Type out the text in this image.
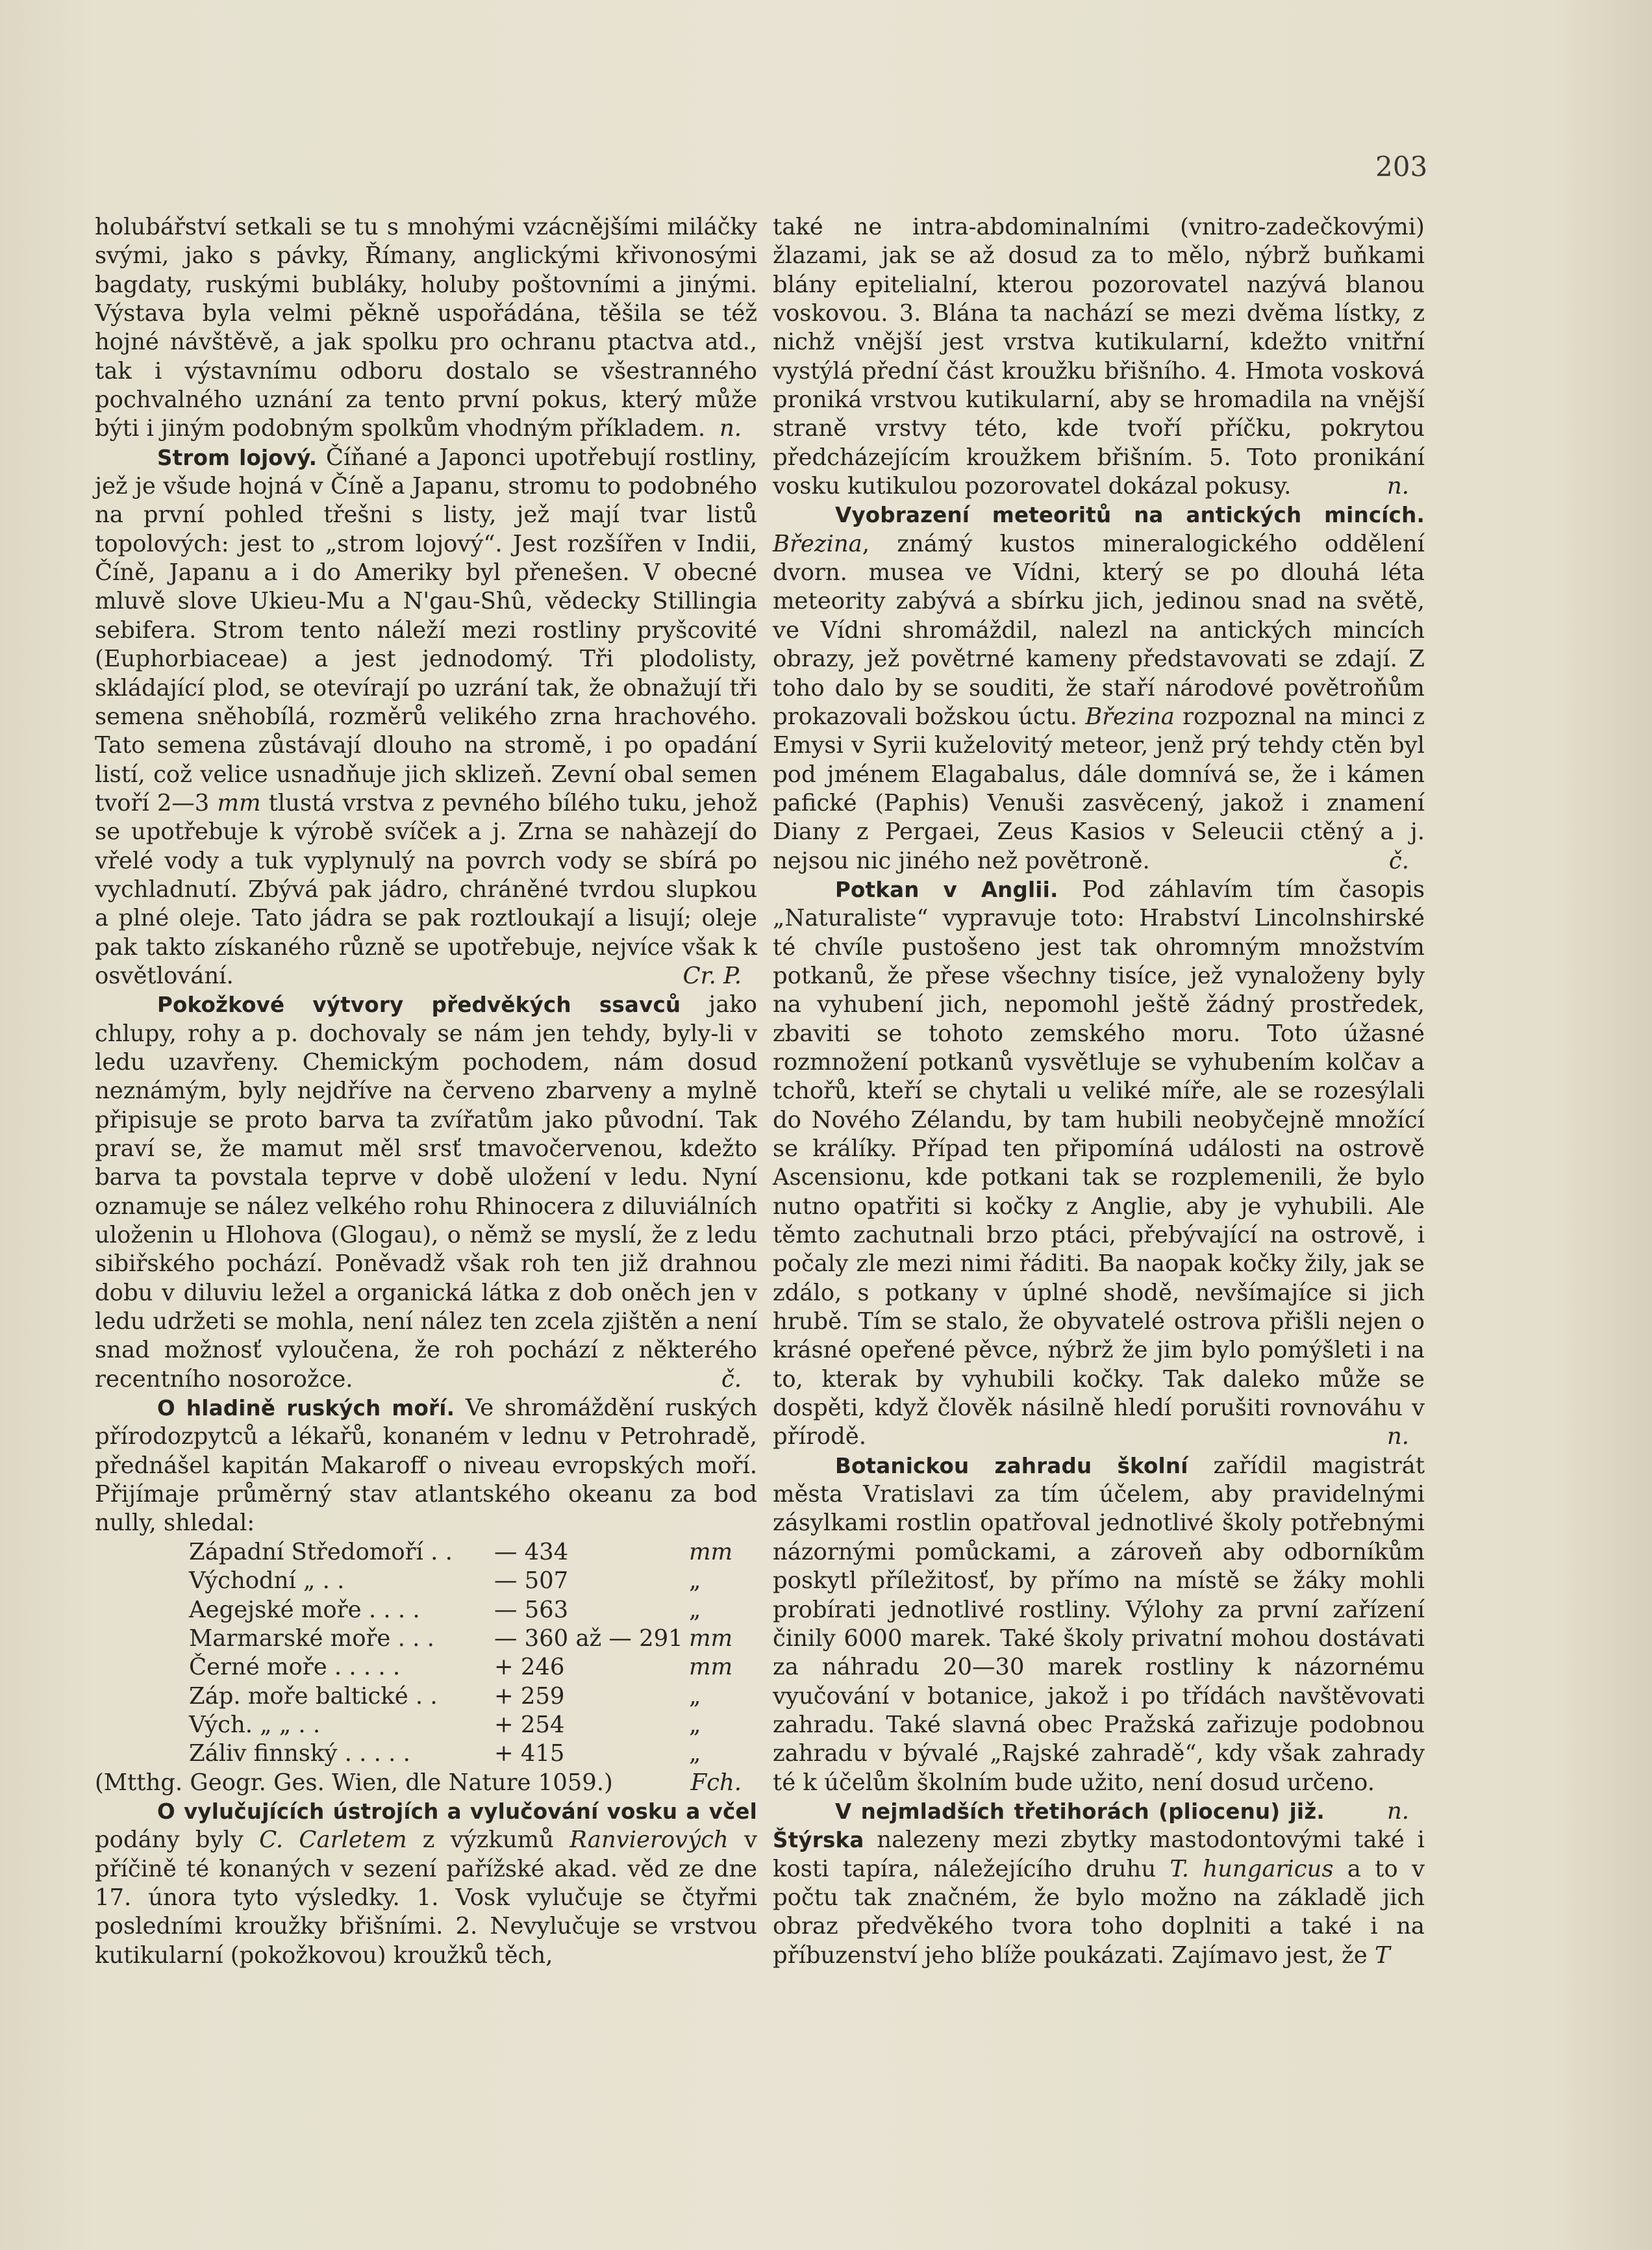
203

holubářství setkali se tu s mnohými vzácnějšími miláčky svými, jako s pávky, Římany, anglickými křivonosými bagdaty, ruskými bubláky, holuby poštovními a jinými. Výstava byla velmi pěkně uspořádána, těšila se též hojné návštěvě, a jak spolku pro ochranu ptactva atd., tak i výstavnímu odboru dostalo se všestranného pochvalného uznání za tento první pokus, který může býti i jiným podobným spolkům vhodným příkladem. n.

Strom lojový. Číňané a Japonci upotřebují rostliny, jež je všude hojná v Číně a Japanu, stromu to podobného na první pohled třešni s listy, jež mají tvar listů topolových: jest to „strom lojový“. Jest rozšířen v Indii, Číně, Japanu a i do Ameriky byl přenešen. V obecné mluvě slove Ukieu-Mu a N'gau-Shû, vědecky Stillingia sebifera. Strom tento náleží mezi rostliny pryšcovité (Euphorbiaceae) a jest jednodomý. Tři plodolisty, skládající plod, se otevírají po uzrání tak, že obnažují tři semena sněhobílá, rozměrů velikého zrna hrachového. Tato semena zůstávají dlouho na stromě, i po opadání listí, což velice usnadňuje jich sklizeň. Zevní obal semen tvoří 2—3 mm tlustá vrstva z pevného bílého tuku, jehož se upotřebuje k výrobě svíček a j. Zrna se nahàzejí do vřelé vody a tuk vyplynulý na povrch vody se sbírá po vychladnutí. Zbývá pak jádro, chráněné tvrdou slupkou a plné oleje. Tato jádra se pak roztloukají a lisují; oleje pak takto získaného různě se upotřebuje, nejvíce však k osvětlování.	Cr. P.

Pokožkové výtvory předvěkých ssavců jako chlupy, rohy a p. dochovaly se nám jen tehdy, byly-li v ledu uzavřeny. Chemickým pochodem, nám dosud neznámým, byly nejdříve na červeno zbarveny a mylně připisuje se proto barva ta zvířatům jako původní. Tak praví se, že mamut měl srsť tmavočervenou, kdežto barva ta povstala teprve v době uložení v ledu. Nyní oznamuje se nález velkého rohu Rhinocera z diluviálních uloženin u Hlohova (Glogau), o němž se myslí, že z ledu sibiřského pochází. Poněvadž však roh ten již drahnou dobu v diluviu ležel a organická látka z dob oněch jen v ledu udržeti se mohla, není nález ten zcela zjištěn a není snad možnosť vyloučena, že roh pochází z některého recentního nosorožce.	č.

O hladině ruských moří. Ve shromáždění ruských přírodozpytců a lékařů, konaném v lednu v Petrohradě, přednášel kapitán Makaroff o niveau evropských moří. Přijímaje průměrný stav atlantského okeanu za bod nully, shledal:

Západní Středomoří . .	— 434	mm
Východní „ . .	— 507	„
Aegejské moře . . . .	— 563	„
Marmarské moře . . .	— 360 až — 291 mm
Černé moře . . . . .	+ 246	mm
Záp. moře baltické . .	+ 259	„
Vých. „ „ . .	+ 254	„
Záliv finnský . . . . .	+ 415	„

(Mtthg. Geogr. Ges. Wien, dle Nature 1059.)	Fch.

O vylučujících ústrojích a vylučování vosku a včel podány byly C. Carletem z výzkumů Ranvierových v příčině té konaných v sezení pařížské akad. věd ze dne 17. února tyto výsledky. 1. Vosk vylučuje se čtyřmi posledními kroužky břišními. 2. Nevylučuje se vrstvou kutikularní (pokožkovou) kroužků těch,

také ne intra-abdominalními (vnitro-zadečkovými) žlazami, jak se až dosud za to mělo, nýbrž buňkami blány epitelialní, kterou pozorovatel nazývá blanou voskovou. 3. Blána ta nachází se mezi dvěma lístky, z nichž vnější jest vrstva kutikularní, kdežto vnitřní vystýlá přední část kroužku břišního. 4. Hmota vosková proniká vrstvou kutikularní, aby se hromadila na vnější straně vrstvy této, kde tvoří příčku, pokrytou předcházejícím kroužkem břišním. 5. Toto pronikání vosku kutikulou pozorovatel dokázal pokusy.	n.

Vyobrazení meteoritů na antických mincích. Březina, známý kustos mineralogického oddělení dvorn. musea ve Vídni, který se po dlouhá léta meteority zabývá a sbírku jich, jedinou snad na světě, ve Vídni shromáždil, nalezl na antických mincích obrazy, jež povětrné kameny představovati se zdají. Z toho dalo by se souditi, že staří národové povětroňům prokazovali božskou úctu. Březina rozpoznal na minci z Emysi v Syrii kuželovitý meteor, jenž prý tehdy ctěn byl pod jménem Elagabalus, dále domnívá se, že i kámen pafické (Paphis) Venuši zasvěcený, jakož i znamení Diany z Pergaei, Zeus Kasios v Seleucii ctěný a j. nejsou nic jiného než povětroně.	č.

Potkan v Anglii. Pod záhlavím tím časopis „Naturaliste“ vypravuje toto: Hrabství Lincolnshirské té chvíle pustošeno jest tak ohromným množstvím potkanů, že přese všechny tisíce, jež vynaloženy byly na vyhubení jich, nepomohl ještě žádný prostředek, zbaviti se tohoto zemského moru. Toto úžasné rozmnožení potkanů vysvětluje se vyhubením kolčav a tchořů, kteří se chytali u veliké míře, ale se rozesýlali do Nového Zélandu, by tam hubili neobyčejně množící se králíky. Případ ten připomíná události na ostrově Ascensionu, kde potkani tak se rozplemenili, že bylo nutno opatřiti si kočky z Anglie, aby je vyhubili. Ale těmto zachutnali brzo ptáci, přebývající na ostrově, i počaly zle mezi nimi řáditi. Ba naopak kočky žily, jak se zdálo, s potkany v úplné shodě, nevšímajíce si jich hrubě. Tím se stalo, že obyvatelé ostrova přišli nejen o krásné opeřené pěvce, nýbrž že jim bylo pomýšleti i na to, kterak by vyhubili kočky. Tak daleko může se dospěti, když člověk násilně hledí porušiti rovnováhu v přírodě.	n.

Botanickou zahradu školní zařídil magistrát města Vratislavi za tím účelem, aby pravidelnými zásylkami rostlin opatřoval jednotlivé školy potřebnými názornými pomůckami, a zároveň aby odborníkům poskytl příležitosť, by přímo na místě se žáky mohli probírati jednotlivé rostliny. Výlohy za první zařízení činily 6000 marek. Také školy privatní mohou dostávati za náhradu 20—30 marek rostliny k názornému vyučování v botanice, jakož i po třídách navštěvovati zahradu. Také slavná obec Pražská zařizuje podobnou zahradu v bývalé „Rajské zahradě“, kdy však zahrady té k účelům školním bude užito, není dosud určeno.
n.

V nejmladších třetihorách (pliocenu) již. Štýrska nalezeny mezi zbytky mastodontovými také i kosti tapíra, náležejícího druhu T. hungaricus a to v počtu tak značném, že bylo možno na základě jich obraz předvěkého tvora toho doplniti a také i na příbuzenství jeho blíže poukázati. Zajímavo jest, že T
